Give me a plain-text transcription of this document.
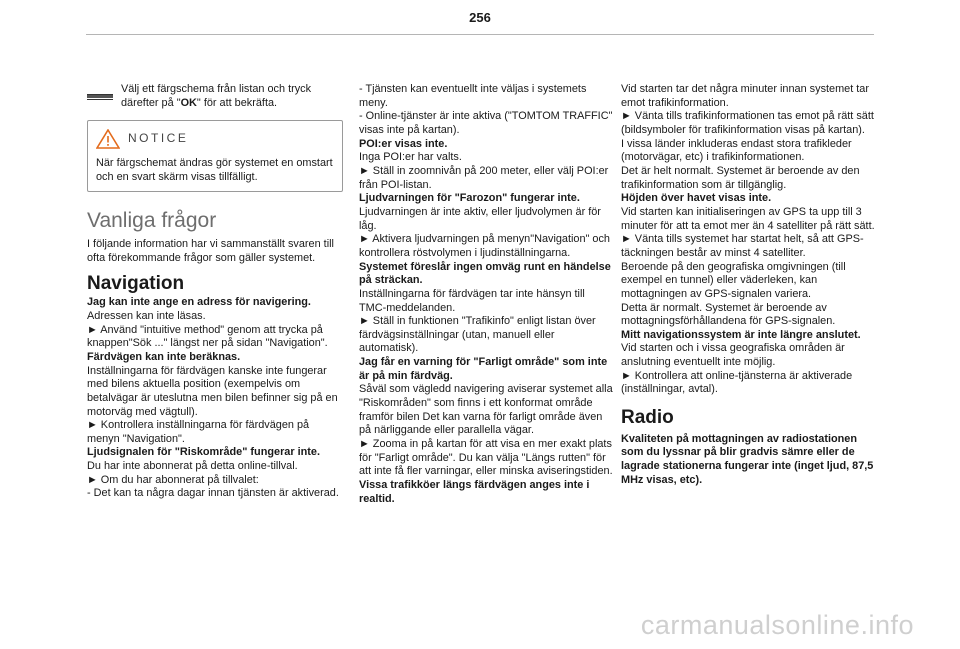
256
Välj ett färgschema från listan och tryck därefter på "OK" för att bekräfta.
NOTICE

När färgschemat ändras gör systemet en omstart och en svart skärm visas tillfälligt.

Vanliga frågor

I följande information har vi sammanställt svaren till ofta förekommande frågor som gäller systemet.

Navigation

Jag kan inte ange en adress för navigering.

Adressen kan inte läsas.

► Använd "intuitive method" genom att trycka på knappen"Sök ..." längst ner på sidan "Navigation".

Färdvägen kan inte beräknas.

Inställningarna för färdvägen kanske inte fungerar med bilens aktuella position (exempelvis om betalvägar är uteslutna men bilen befinner sig på en motorväg med vägtull).

► Kontrollera inställningarna för färdvägen på menyn "Navigation".

Ljudsignalen för "Riskområde" fungerar inte.

Du har inte abonnerat på detta online-tillval.

► Om du har abonnerat på tillvalet:

- Det kan ta några dagar innan tjänsten är aktiverad.

- Tjänsten kan eventuellt inte väljas i systemets meny.

- Online-tjänster är inte aktiva ("TOMTOM TRAFFIC" visas inte på kartan).

POI:er visas inte.

Inga POI:er har valts.

► Ställ in zoomnivån på 200 meter, eller välj POI:er från POI-listan.

Ljudvarningen för "Farozon" fungerar inte.

Ljudvarningen är inte aktiv, eller ljudvolymen är för låg.

► Aktivera ljudvarningen på menyn"Navigation" och kontrollera röstvolymen i ljudinställningarna.

Systemet föreslår ingen omväg runt en händelse på sträckan.

Inställningarna för färdvägen tar inte hänsyn till TMC-meddelanden.

► Ställ in funktionen "Trafikinfo" enligt listan över färdvägsinställningar (utan, manuell eller automatisk).

Jag får en varning för "Farligt område" som inte är på min färdväg.

Såväl som vägledd navigering aviserar systemet alla "Riskområden" som finns i ett konformat område framför bilen Det kan varna för farligt område även på närliggande eller parallella vägar.

► Zooma in på kartan för att visa en mer exakt plats för "Farligt område". Du kan välja "Längs rutten" för att inte få fler varningar, eller minska aviseringstiden.

Vissa trafikköer längs färdvägen anges inte i realtid.

Vid starten tar det några minuter innan systemet tar emot trafikinformation.

► Vänta tills trafikinformationen tas emot på rätt sätt (bildsymboler för trafikinformation visas på kartan).

I vissa länder inkluderas endast stora trafikleder (motorvägar, etc) i trafikinformationen.

Det är helt normalt. Systemet är beroende av den trafikinformation som är tillgänglig.

Höjden över havet visas inte.

Vid starten kan initialiseringen av GPS ta upp till 3 minuter för att ta emot mer än 4 satelliter på rätt sätt.

► Vänta tills systemet har startat helt, så att GPS-täckningen består av minst 4 satelliter.

Beroende på den geografiska omgivningen (till exempel en tunnel) eller väderleken, kan mottagningen av GPS-signalen variera.

Detta är normalt. Systemet är beroende av mottagningsförhållandena för GPS-signalen.

Mitt navigationssystem är inte längre anslutet.

Vid starten och i vissa geografiska områden är anslutning eventuellt inte möjlig.

► Kontrollera att online-tjänsterna är aktiverade (inställningar, avtal).

Radio

Kvaliteten på mottagningen av radiostationen som du lyssnar på blir gradvis sämre eller de lagrade stationerna fungerar inte (inget ljud, 87,5 MHz visas, etc).

carmanualsonline.info
